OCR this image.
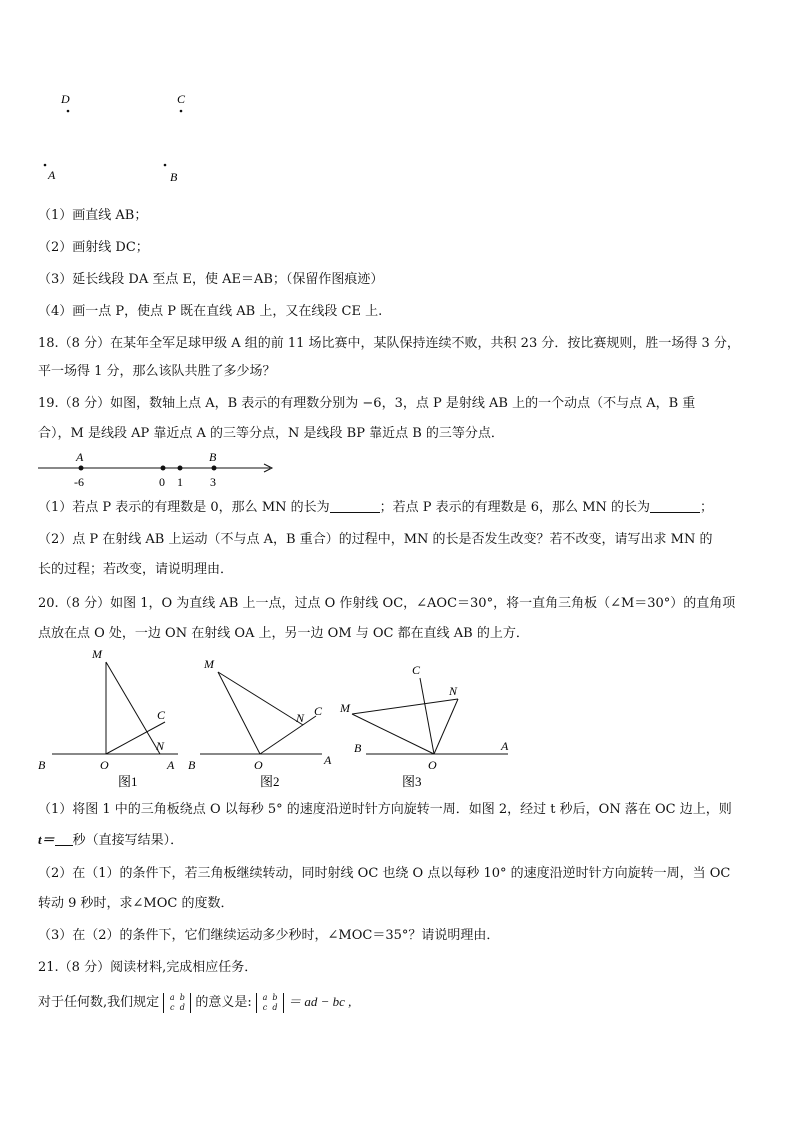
D	C
A	B
（1）画直线 AB；
（2）画射线 DC；
（3）延长线段 DA 至点 E，使 AE＝AB；（保留作图痕迹）
（4）画一点 P，使点 P 既在直线 AB 上，又在线段 CE 上.
18.（8 分）在某年全军足球甲级 A 组的前 11 场比赛中，某队保持连续不败，共积 23 分．按比赛规则，胜一场得 3 分，
平一场得 1 分，那么该队共胜了多少场？
19.（8 分）如图，数轴上点 A，B 表示的有理数分别为 −6，3，点 P 是射线 AB 上的一个动点（不与点 A，B 重
合），M 是线段 AP 靠近点 A 的三等分点，N 是线段 BP 靠近点 B 的三等分点．
A	B
-6	0 1 3
（1）若点 P 表示的有理数是 0，那么 MN 的长为	；若点 P 表示的有理数是 6，那么 MN 的长为	；
（2）点 P 在射线 AB 上运动（不与点 A，B 重合）的过程中，MN 的长是否发生改变？若不改变，请写出求 MN 的
长的过程；若改变，请说明理由．
20.（8 分）如图 1，O 为直线 AB 上一点，过点 O 作射线 OC，∠AOC＝30°，将一直角三角板（∠M＝30°）的直角项
点放在点 O 处，一边 ON 在射线 OA 上，另一边 OM 与 OC 都在直线 AB 的上方．
M
C
N
B	O	A
图1
M
N C
B	O	A
图2
C
N
M
B
O
A
图3
（1）将图 1 中的三角板绕点 O 以每秒 5° 的速度沿逆时针方向旋转一周．如图 2，经过 t 秒后，ON 落在 OC 边上，则
t＝ 秒（直接写结果）．
（2）在（1）的条件下，若三角板继续转动，同时射线 OC 也绕 O 点以每秒 10° 的速度沿逆时针方向旋转一周，当 OC
转动 9 秒时，求∠MOC 的度数．
（3）在（2）的条件下，它们继续运动多少秒时，∠MOC＝35°？请说明理由．
21.（8 分）阅读材料,完成相应任务．
对于任何数,我们规定 a b
c d 的意义是: a b
c d ＝ ad − bc ,
